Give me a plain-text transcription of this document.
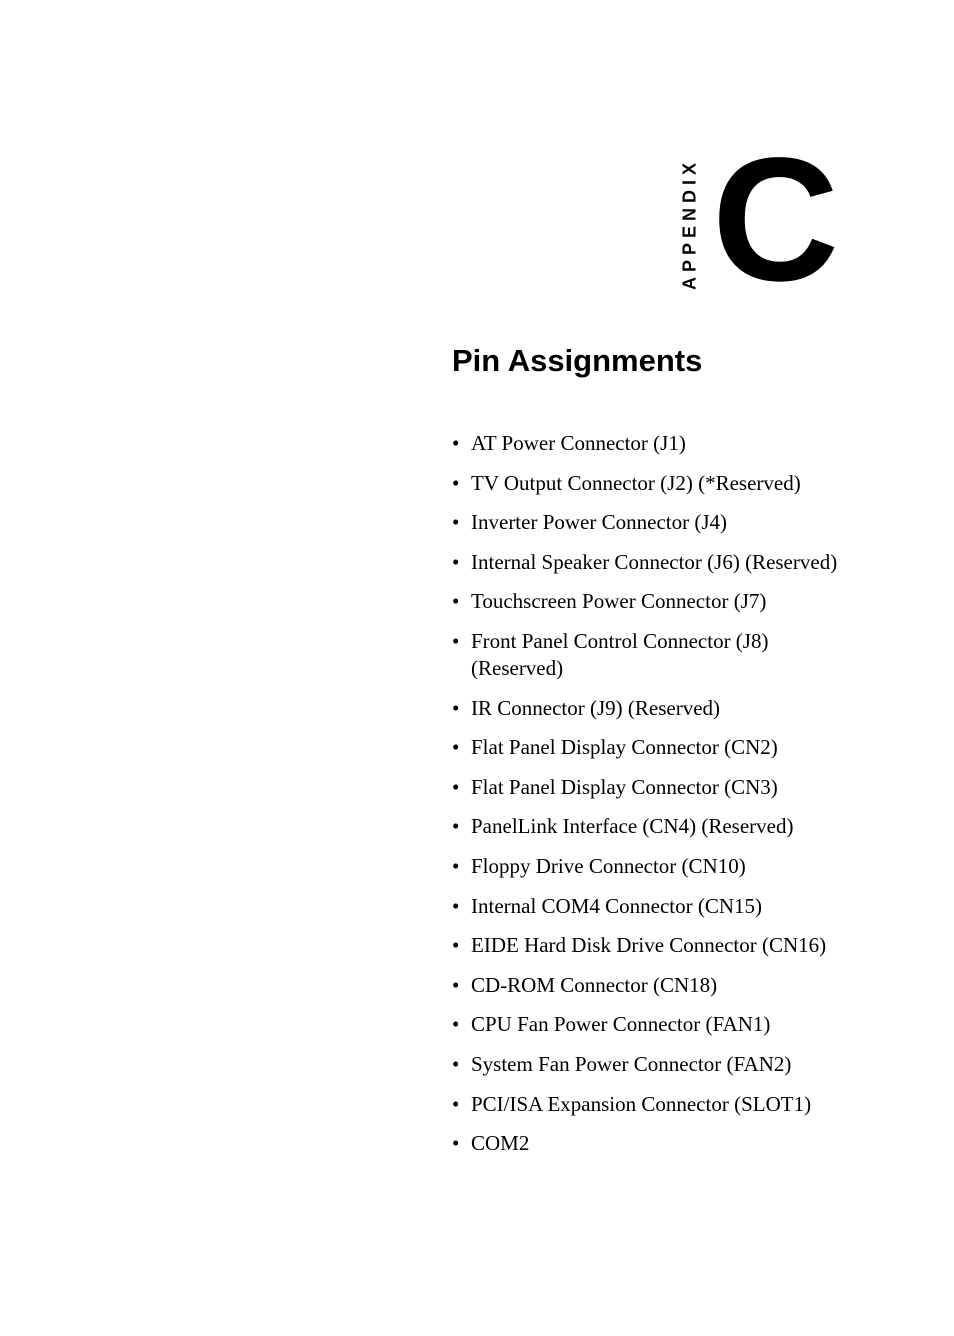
APPENDIX C
Pin Assignments
• AT Power Connector (J1)
• TV Output Connector (J2) (*Reserved)
• Inverter Power Connector (J4)
• Internal Speaker Connector (J6) (Reserved)
• Touchscreen Power Connector (J7)
• Front Panel Control Connector (J8) (Reserved)
• IR Connector (J9) (Reserved)
• Flat Panel Display Connector (CN2)
• Flat Panel Display Connector (CN3)
• PanelLink Interface (CN4) (Reserved)
• Floppy Drive Connector (CN10)
• Internal COM4 Connector (CN15)
• EIDE Hard Disk Drive Connector (CN16)
• CD-ROM Connector (CN18)
• CPU Fan Power Connector (FAN1)
• System Fan Power Connector (FAN2)
• PCI/ISA Expansion Connector (SLOT1)
• COM2
